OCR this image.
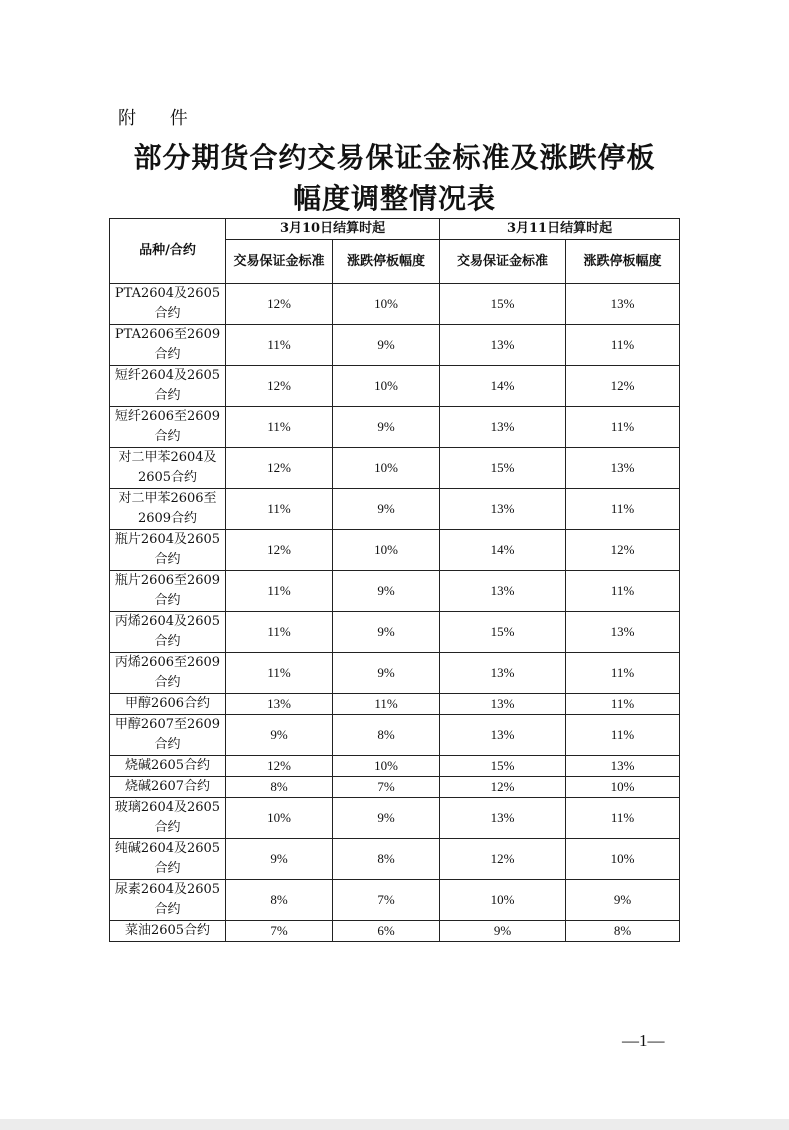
附 件
部分期货合约交易保证金标准及涨跌停板
幅度调整情况表
品种/合约	3月10日结算时起		3月11日结算时起	
	交易保证金标准	涨跌停板幅度	交易保证金标准	涨跌停板幅度
PTA2604及2605合约	12%	10%	15%	13%
PTA2606至2609合约	11%	9%	13%	11%
短纤2604及2605合约	12%	10%	14%	12%
短纤2606至2609合约	11%	9%	13%	11%
对二甲苯2604及2605合约	12%	10%	15%	13%
对二甲苯2606至2609合约	11%	9%	13%	11%
瓶片2604及2605合约	12%	10%	14%	12%
瓶片2606至2609合约	11%	9%	13%	11%
丙烯2604及2605合约	11%	9%	15%	13%
丙烯2606至2609合约	11%	9%	13%	11%
甲醇2606合约	13%	11%	13%	11%
甲醇2607至2609合约	9%	8%	13%	11%
烧碱2605合约	12%	10%	15%	13%
烧碱2607合约	8%	7%	12%	10%
玻璃2604及2605合约	10%	9%	13%	11%
纯碱2604及2605合约	9%	8%	12%	10%
尿素2604及2605合约	8%	7%	10%	9%
菜油2605合约	7%	6%	9%	8%
—1—
